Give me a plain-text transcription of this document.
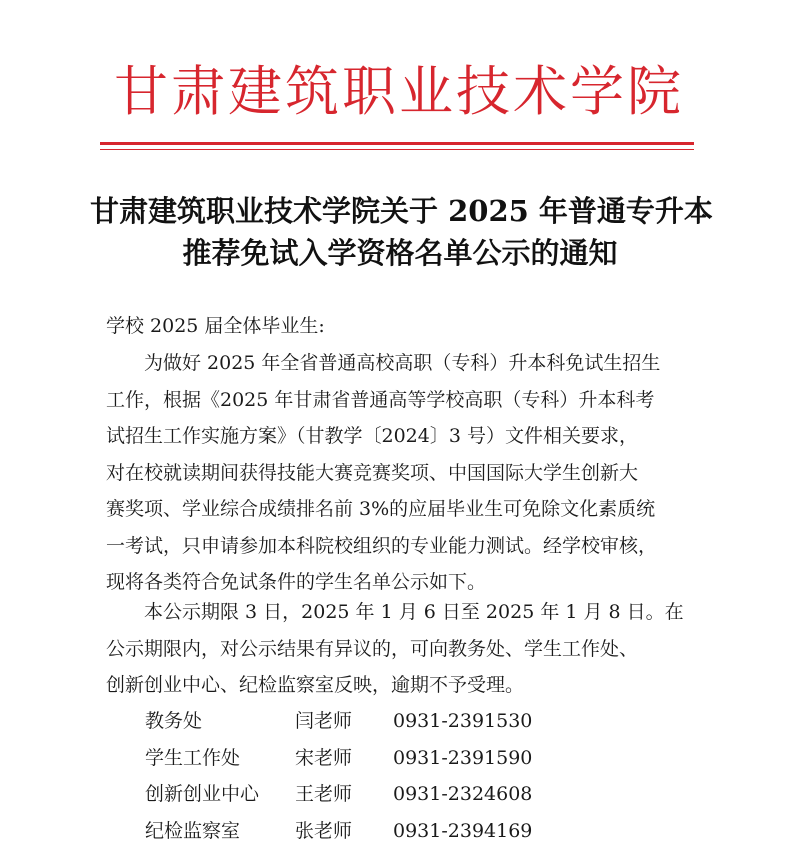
甘肃建筑职业技术学院
甘肃建筑职业技术学院关于 2025 年普通专升本
推荐免试入学资格名单公示的通知
学校 2025 届全体毕业生:
为做好 2025 年全省普通高校高职（专科）升本科免试生招生
工作，根据《2025 年甘肃省普通高等学校高职（专科）升本科考
试招生工作实施方案》（甘教学〔2024〕3 号）文件相关要求，
对在校就读期间获得技能大赛竞赛奖项、中国国际大学生创新大
赛奖项、学业综合成绩排名前 3%的应届毕业生可免除文化素质统
一考试，只申请参加本科院校组织的专业能力测试。经学校审核，
现将各类符合免试条件的学生名单公示如下。
本公示期限 3 日，2025 年 1 月 6 日至 2025 年 1 月 8 日。在
公示期限内，对公示结果有异议的，可向教务处、学生工作处、
创新创业中心、纪检监察室反映，逾期不予受理。
教务处	闫老师	0931-2391530
学生工作处	宋老师	0931-2391590
创新创业中心	王老师	0931-2324608
纪检监察室	张老师	0931-2394169
